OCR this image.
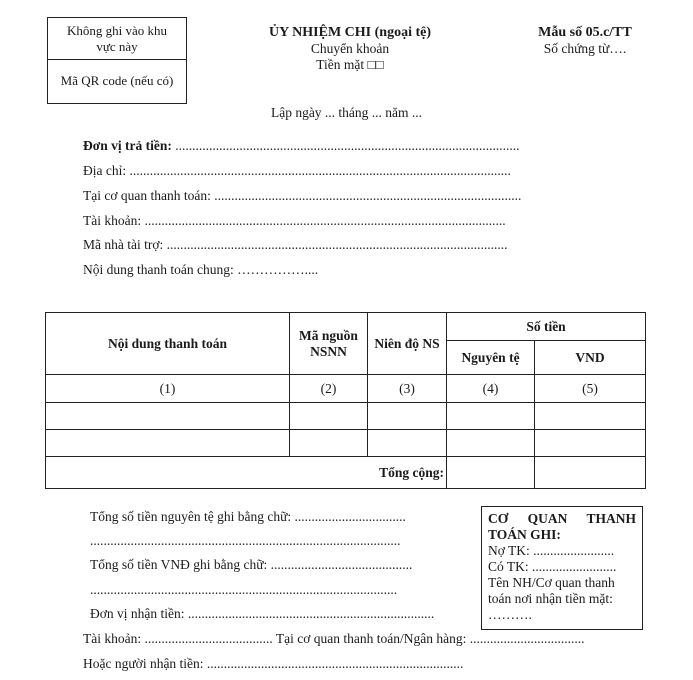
Không ghi vào khu
vực này
Mã QR code (nếu có)
ỦY NHIỆM CHI (ngoại tệ)
Chuyển khoản
Tiền mặt □□
Mẫu số 05.c/TT
Số chứng từ….
Lập ngày ... tháng ... năm ...
Đơn vị trả tiền: ......................................................................................................
Địa chỉ: .................................................................................................................
Tại cơ quan thanh toán: ...........................................................................................
Tài khoản: ...........................................................................................................
Mã nhà tài trợ: .....................................................................................................
Nội dung thanh toán chung: ……………....
Nội dung thanh toán	Mã nguồn NSNN	Niên độ NS	Số tiền	
			Nguyên tệ	VND
(1)	(2)	(3)	(4)	(5)

Tổng cộng:				
Tổng số tiền nguyên tệ ghi bằng chữ: .................................
............................................................................................
Tổng số tiền VNĐ ghi bằng chữ: ..........................................
...........................................................................................
Đơn vị nhận tiền: .........................................................................
Tài khoản: ...................................... Tại cơ quan thanh toán/Ngân hàng: ..................................
Hoặc người nhận tiền: ............................................................................
CƠ QUAN THANH
TOÁN GHI:
Nợ TK: ........................
Có TK: .........................
Tên NH/Cơ quan thanh
toán nơi nhận tiền mặt:
……….
